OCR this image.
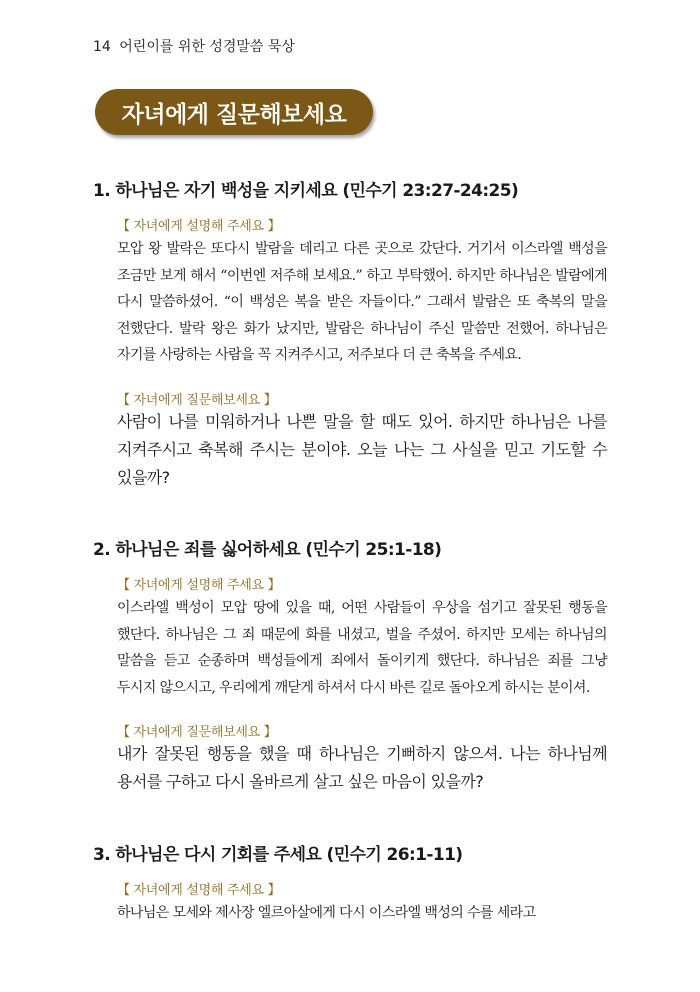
14 어린이를 위한 성경말씀 묵상
자녀에게 질문해보세요
1. 하나님은 자기 백성을 지키세요 (민수기 23:27-24:25)
【 자녀에게 설명해 주세요 】
모압 왕 발락은 또다시 발람을 데리고 다른 곳으로 갔단다. 거기서 이스라엘 백성을 조금만 보게 해서 “이번엔 저주해 보세요.” 하고 부탁했어. 하지만 하나님은 발람에게 다시 말씀하셨어. “이 백성은 복을 받은 자들이다.” 그래서 발람은 또 축복의 말을 전했단다. 발락 왕은 화가 났지만, 발람은 하나님이 주신 말씀만 전했어. 하나님은 자기를 사랑하는 사람을 꼭 지켜주시고, 저주보다 더 큰 축복을 주세요.
【 자녀에게 질문해보세요 】
사람이 나를 미워하거나 나쁜 말을 할 때도 있어. 하지만 하나님은 나를 지켜주시고 축복해 주시는 분이야. 오늘 나는 그 사실을 믿고 기도할 수 있을까?
2. 하나님은 죄를 싫어하세요 (민수기 25:1-18)
【 자녀에게 설명해 주세요 】
이스라엘 백성이 모압 땅에 있을 때, 어떤 사람들이 우상을 섬기고 잘못된 행동을 했단다. 하나님은 그 죄 때문에 화를 내셨고, 벌을 주셨어. 하지만 모세는 하나님의 말씀을 듣고 순종하며 백성들에게 죄에서 돌이키게 했단다. 하나님은 죄를 그냥 두시지 않으시고, 우리에게 깨닫게 하셔서 다시 바른 길로 돌아오게 하시는 분이셔.
【 자녀에게 질문해보세요 】
내가 잘못된 행동을 했을 때 하나님은 기뻐하지 않으셔. 나는 하나님께 용서를 구하고 다시 올바르게 살고 싶은 마음이 있을까?
3. 하나님은 다시 기회를 주세요 (민수기 26:1-11)
【 자녀에게 설명해 주세요 】
하나님은 모세와 제사장 엘르아살에게 다시 이스라엘 백성의 수를 세라고
